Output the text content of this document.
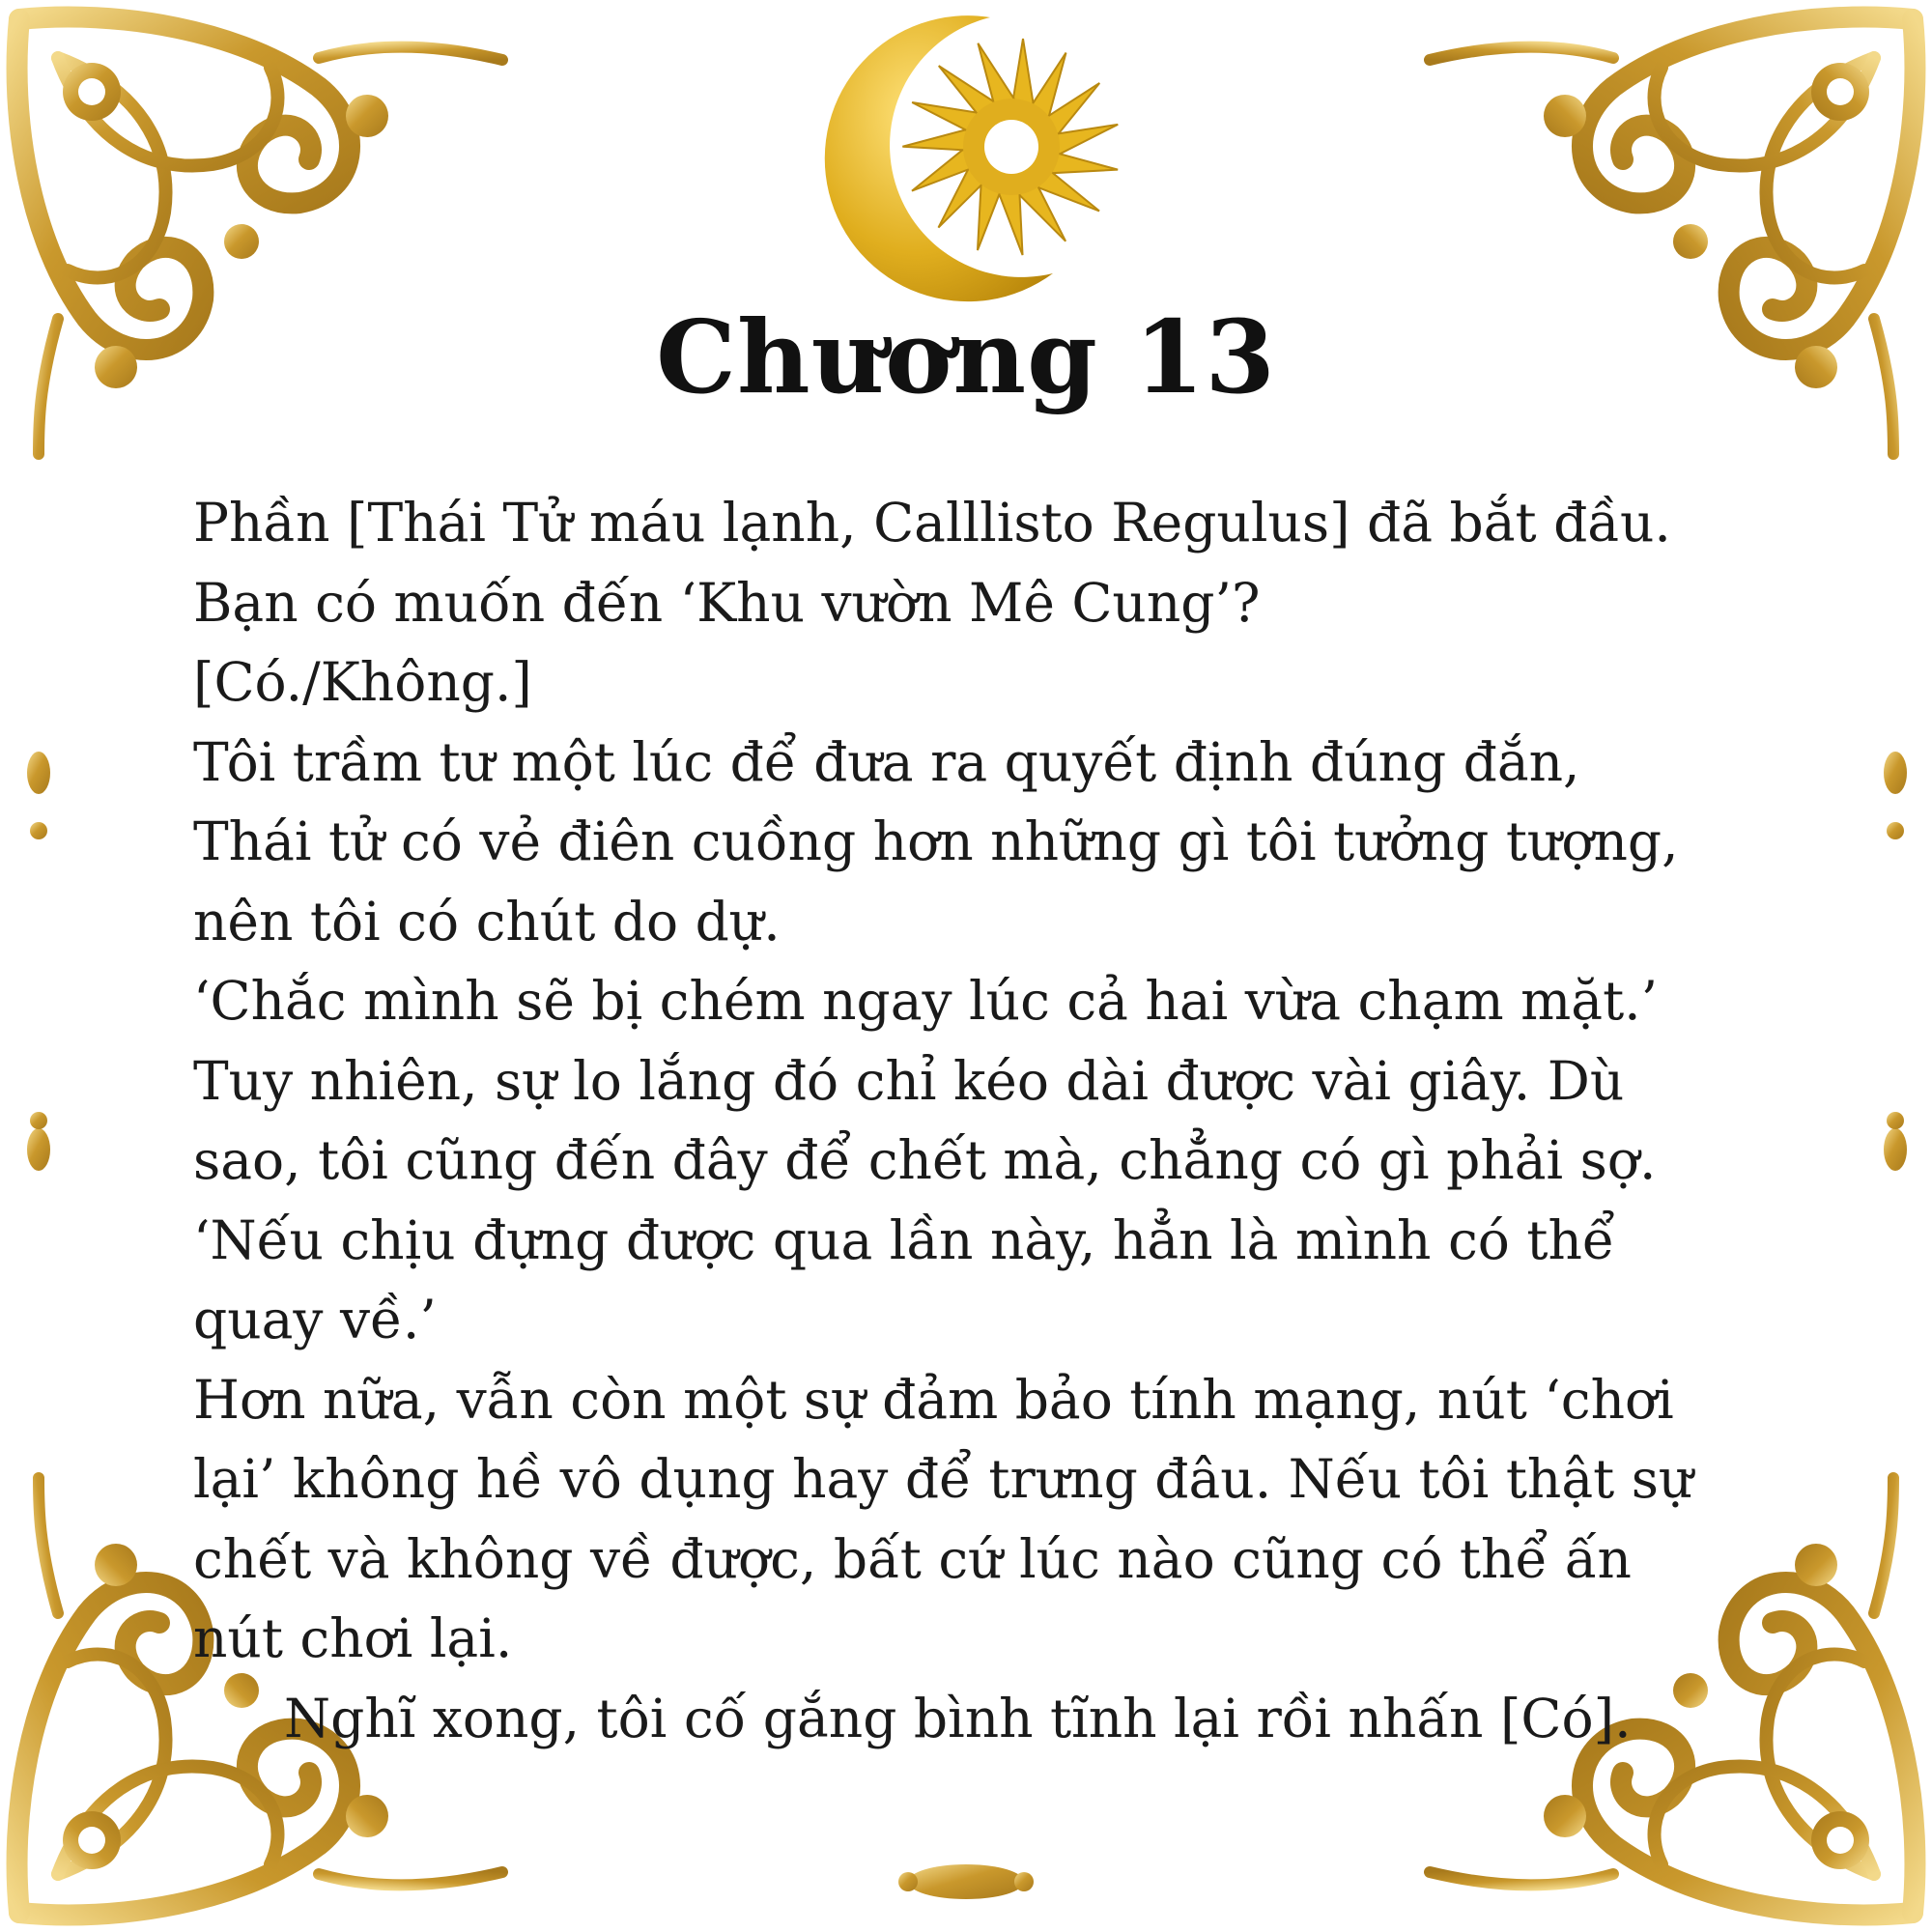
Chương 13
Phần [Thái Tử máu lạnh, Calllisto Regulus] đã bắt đầu.
Bạn có muốn đến ‘Khu vườn Mê Cung’?
[Có./Không.]
Tôi trầm tư một lúc để đưa ra quyết định đúng đắn,
Thái tử có vẻ điên cuồng hơn những gì tôi tưởng tượng,
nên tôi có chút do dự.
‘Chắc mình sẽ bị chém ngay lúc cả hai vừa chạm mặt.’
Tuy nhiên, sự lo lắng đó chỉ kéo dài được vài giây. Dù
sao, tôi cũng đến đây để chết mà, chẳng có gì phải sợ.
‘Nếu chịu đựng được qua lần này, hẳn là mình có thể
quay về.’
Hơn nữa, vẫn còn một sự đảm bảo tính mạng, nút ‘chơi
lại’ không hề vô dụng hay để trưng đâu. Nếu tôi thật sự
chết và không về được, bất cứ lúc nào cũng có thể ấn
nút chơi lại.
Nghĩ xong, tôi cố gắng bình tĩnh lại rồi nhấn [Có].
